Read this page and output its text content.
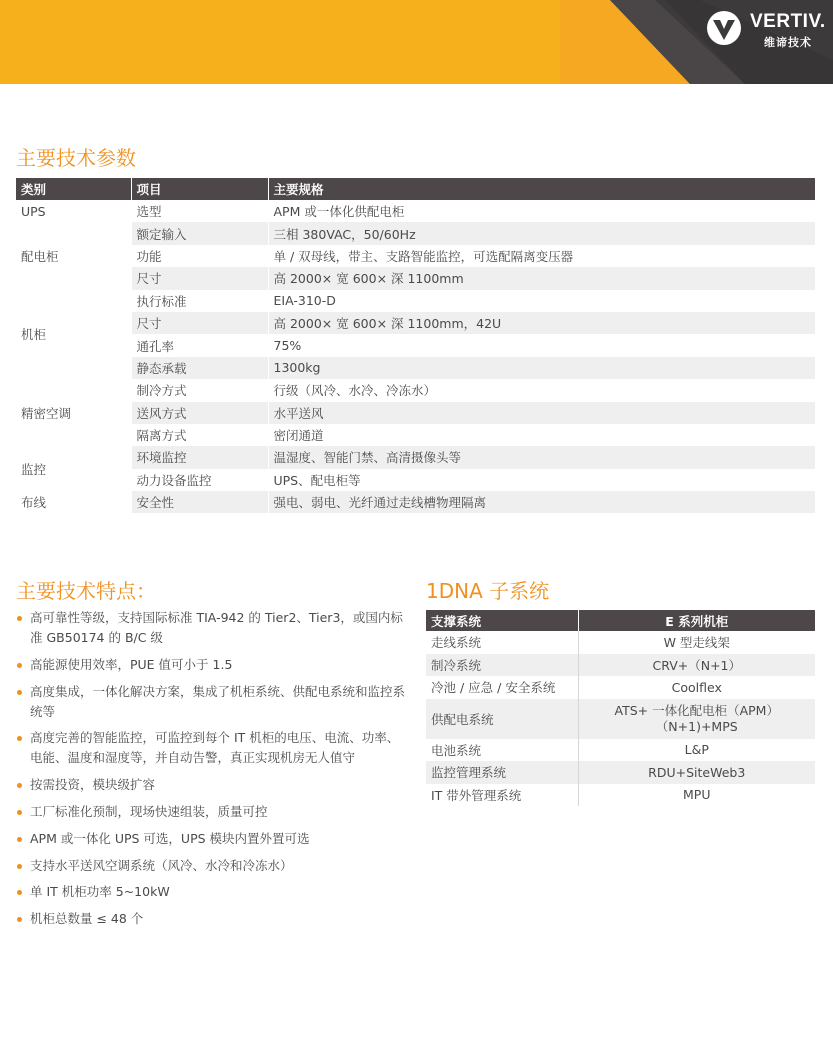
VERTIV.
维谛技术
主要技术参数
类别	项目	主要规格
UPS	选型	APM 或一体化供配电柜
配电柜	额定输入	三相 380VAC，50/60Hz
	功能	单 / 双母线，带主、支路智能监控，可选配隔离变压器
	尺寸	高 2000× 宽 600× 深 1100mm
机柜	执行标准	EIA-310-D
	尺寸	高 2000× 宽 600× 深 1100mm，42U
	通孔率	75%
	静态承载	1300kg
精密空调	制冷方式	行级（风冷、水冷、冷冻水）
	送风方式	水平送风
	隔离方式	密闭通道
监控	环境监控	温湿度、智能门禁、高清摄像头等
	动力设备监控	UPS、配电柜等
布线	安全性	强电、弱电、光纤通过走线槽物理隔离
主要技术特点：
高可靠性等级，支持国际标准 TIA-942 的 Tier2、Tier3，或国内标准 GB50174 的 B/C 级
高能源使用效率，PUE 值可小于 1.5
高度集成，一体化解决方案，集成了机柜系统、供配电系统和监控系统等
高度完善的智能监控，可监控到每个 IT 机柜的电压、电流、功率、电能、温度和湿度等，并自动告警，真正实现机房无人值守
按需投资，模块级扩容
工厂标准化预制，现场快速组装，质量可控
APM 或一体化 UPS 可选，UPS 模块内置外置可选
支持水平送风空调系统（风冷、水冷和冷冻水）
单 IT 机柜功率 5~10kW
机柜总数量 ≤ 48 个
1DNA 子系统
支撑系统	E 系列机柜
走线系统	W 型走线架
制冷系统	CRV+（N+1）
冷池 / 应急 / 安全系统	Coolflex
供配电系统	ATS+ 一体化配电柜（APM）
（N+1)+MPS

电池系统	L&P
监控管理系统	RDU+SiteWeb3
IT 带外管理系统	MPU
